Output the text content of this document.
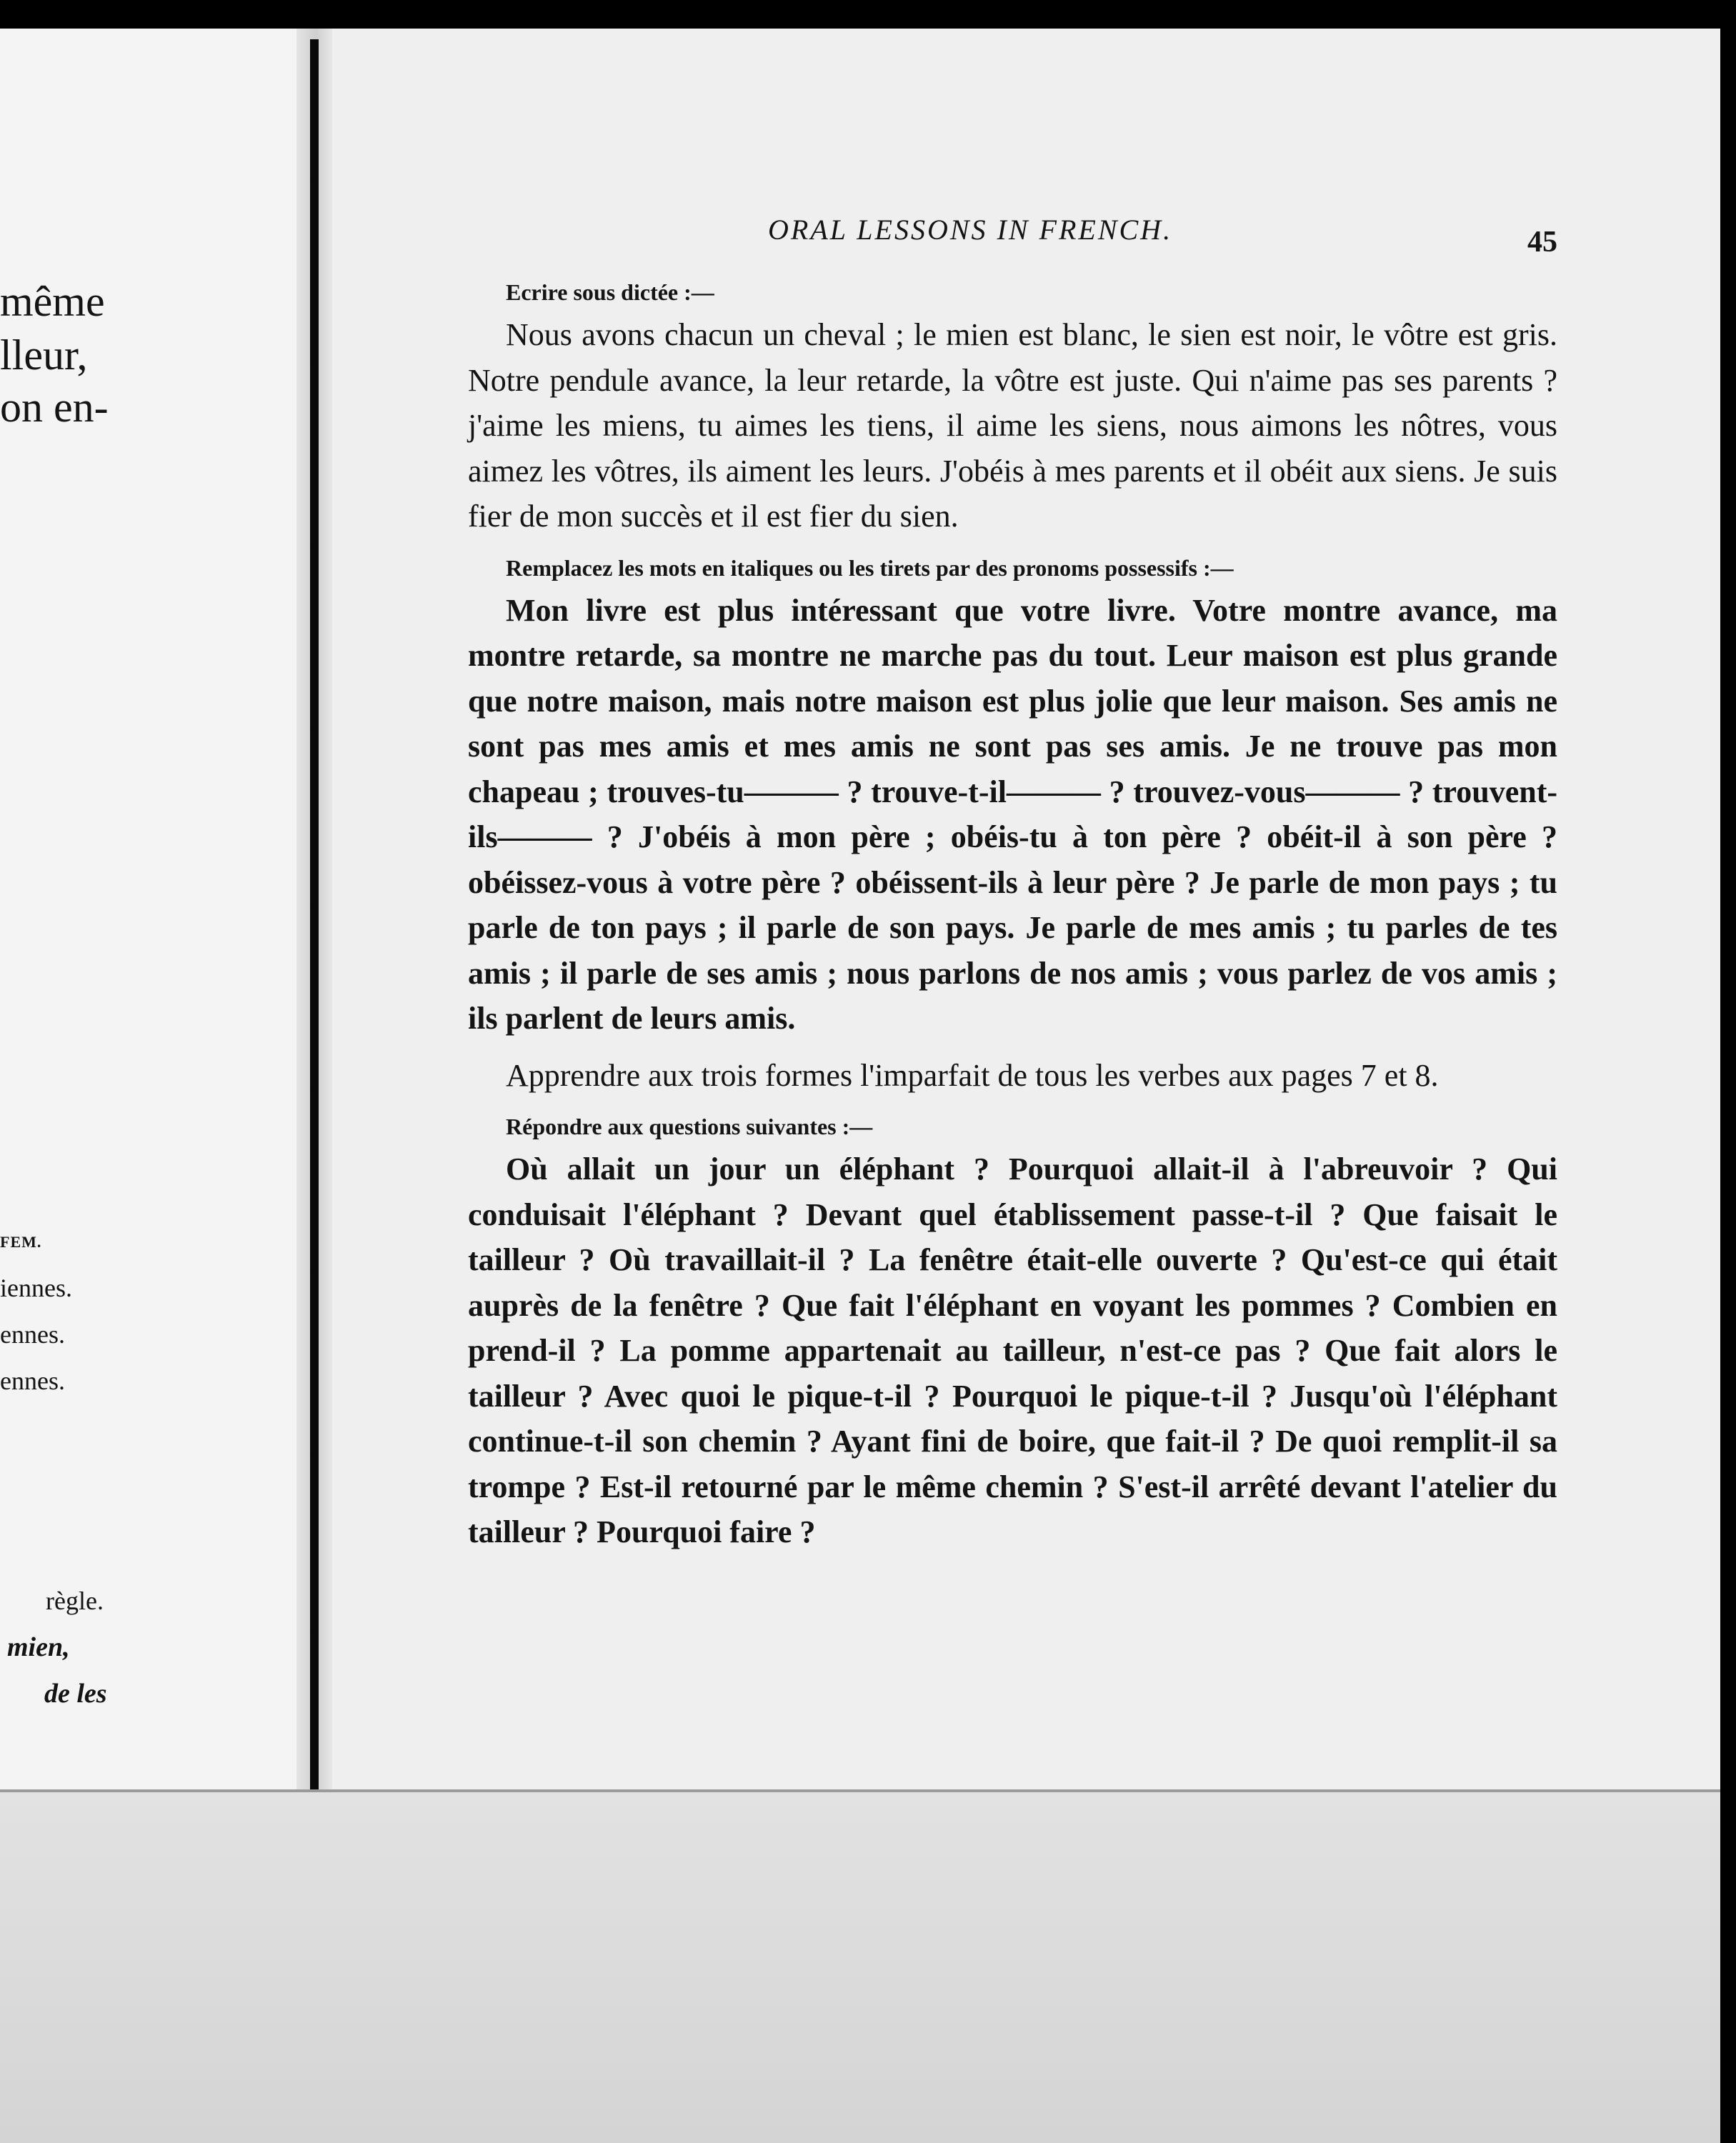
même
lleur,
on en-
FEM.
iennes.
ennes.
ennes.
règle.
mien,
de les
ORAL LESSONS IN FRENCH.	45
Ecrire sous dictée :—

Nous avons chacun un cheval ; le mien est blanc, le sien est noir, le vôtre est gris. Notre pendule avance, la leur retarde, la vôtre est juste. Qui n'aime pas ses parents ? j'aime les miens, tu aimes les tiens, il aime les siens, nous aimons les nôtres, vous aimez les vôtres, ils aiment les leurs. J'obéis à mes parents et il obéit aux siens. Je suis fier de mon succès et il est fier du sien.

Remplacez les mots en italiques ou les tirets par des pronoms possessifs :—

Mon livre est plus intéressant que votre livre. Votre montre avance, ma montre retarde, sa montre ne marche pas du tout. Leur maison est plus grande que notre maison, mais notre maison est plus jolie que leur maison. Ses amis ne sont pas mes amis et mes amis ne sont pas ses amis. Je ne trouve pas mon chapeau ; trouves-tu——— ? trouve-t-il——— ? trouvez-vous——— ? trouvent-ils——— ? J'obéis à mon père ; obéis-tu à ton père ? obéit-il à son père ? obéissez-vous à votre père ? obéissent-ils à leur père ? Je parle de mon pays ; tu parle de ton pays ; il parle de son pays. Je parle de mes amis ; tu parles de tes amis ; il parle de ses amis ; nous parlons de nos amis ; vous parlez de vos amis ; ils parlent de leurs amis.

Apprendre aux trois formes l'imparfait de tous les verbes aux pages 7 et 8.

Répondre aux questions suivantes :—

Où allait un jour un éléphant ? Pourquoi allait-il à l'abreuvoir ? Qui conduisait l'éléphant ? Devant quel établissement passe-t-il ? Que faisait le tailleur ? Où travaillait-il ? La fenêtre était-elle ouverte ? Qu'est-ce qui était auprès de la fenêtre ? Que fait l'éléphant en voyant les pommes ? Combien en prend-il ? La pomme appartenait au tailleur, n'est-ce pas ? Que fait alors le tailleur ? Avec quoi le pique-t-il ? Pourquoi le pique-t-il ? Jusqu'où l'éléphant continue-t-il son chemin ? Ayant fini de boire, que fait-il ? De quoi remplit-il sa trompe ? Est-il retourné par le même chemin ? S'est-il arrêté devant l'atelier du tailleur ? Pourquoi faire ?
